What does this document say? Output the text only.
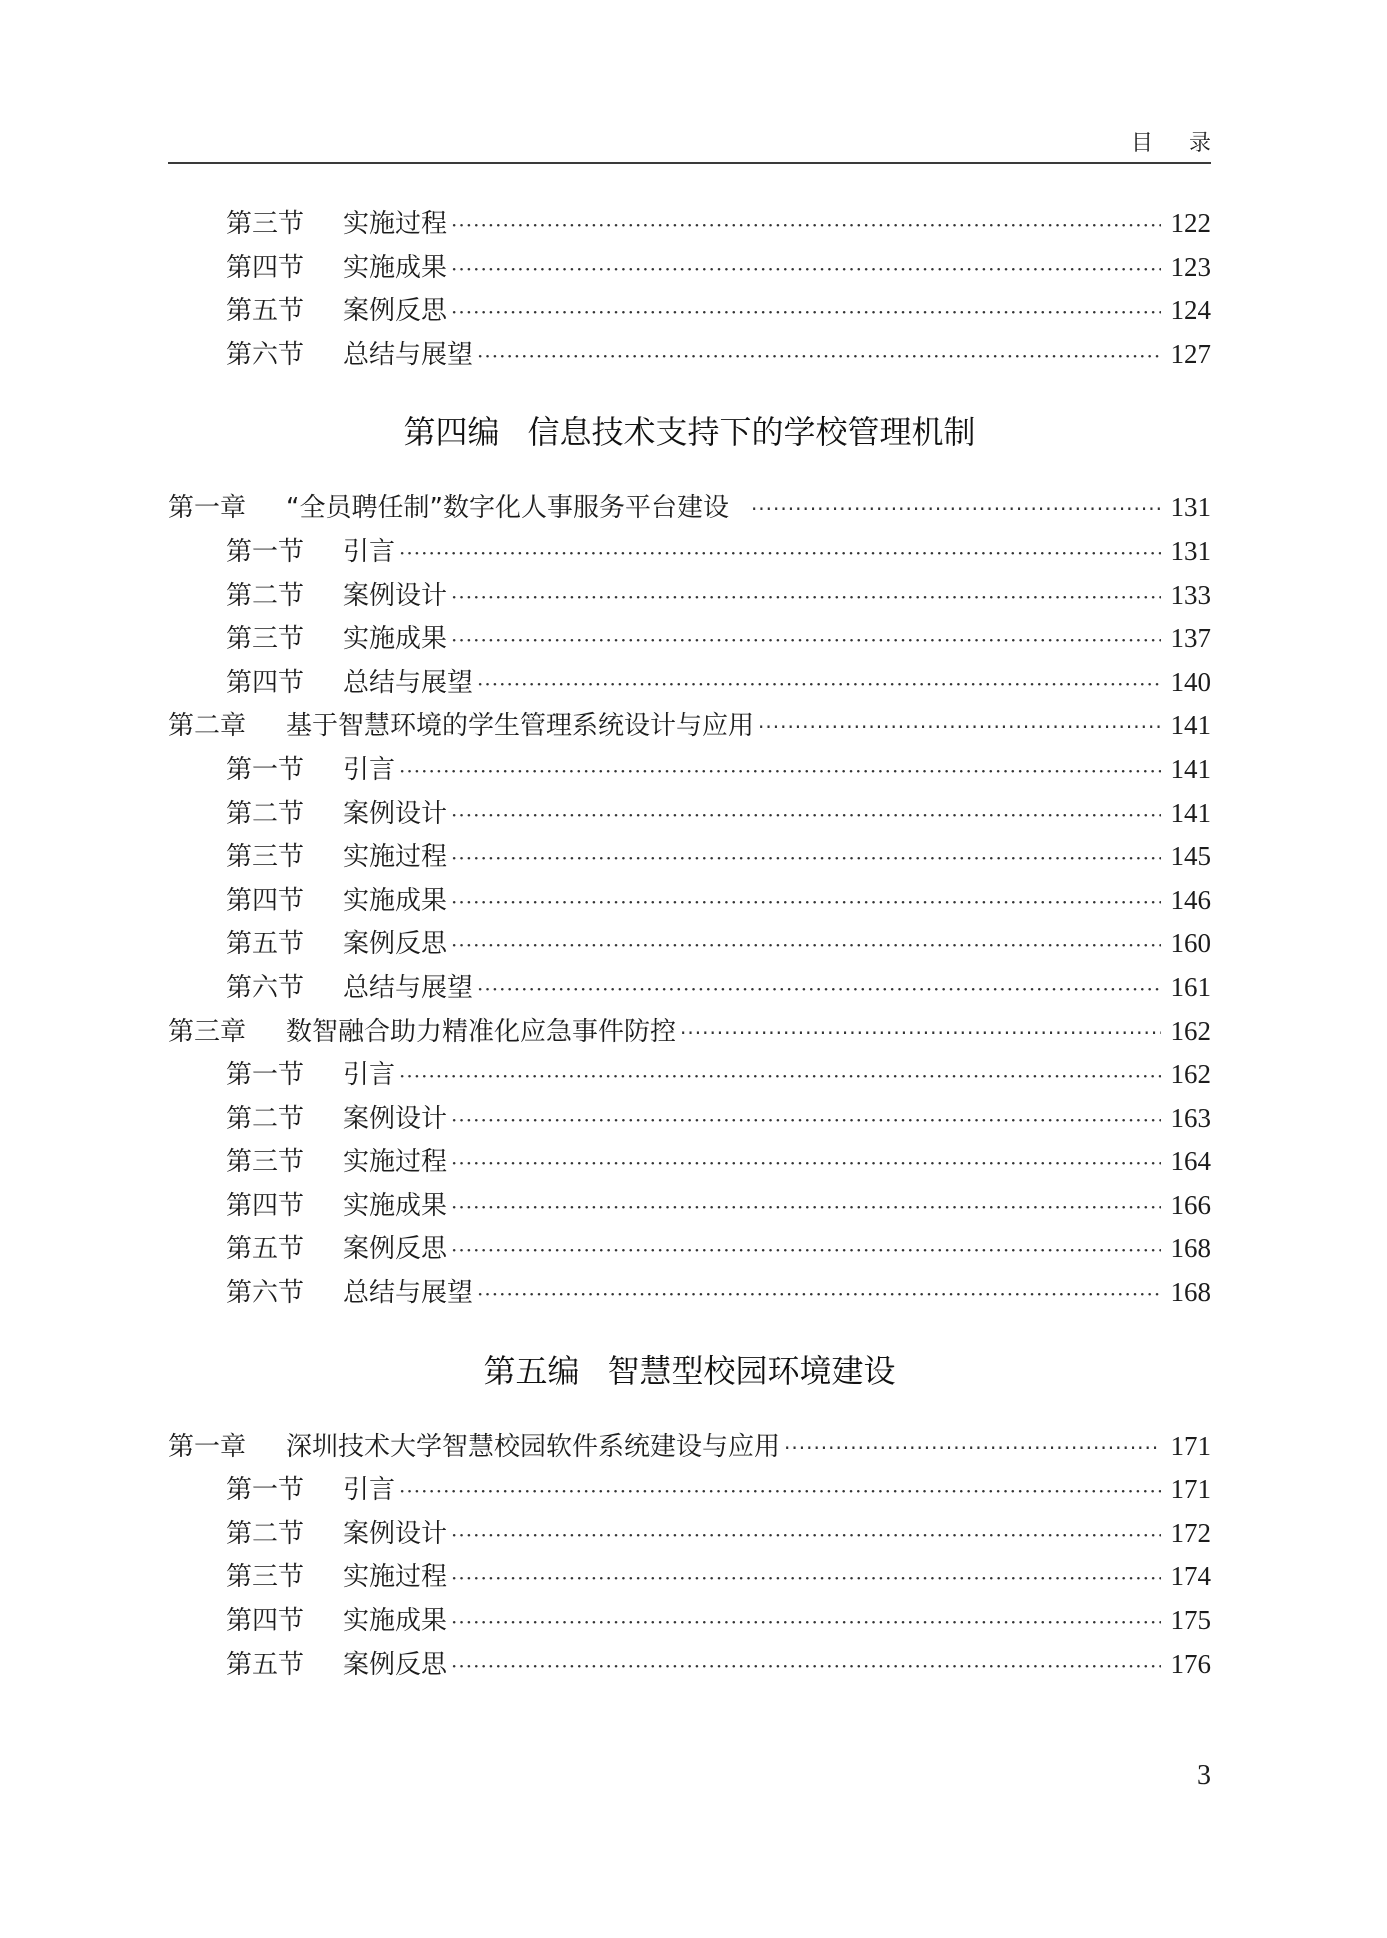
目录
第三节	实施过程 ·····	122
第四节	实施成果 ·····	123
第五节	案例反思 ·····	124
第六节	总结与展望 ·····	127
第四编 信息技术支持下的学校管理机制
第一章	“全员聘任制”数字化人事服务平台建设 ·····	131
第一节	引言 ·····	131
第二节	案例设计 ·····	133
第三节	实施成果 ·····	137
第四节	总结与展望 ·····	140
第二章	基于智慧环境的学生管理系统设计与应用 ·····	141
第一节	引言 ·····	141
第二节	案例设计 ·····	141
第三节	实施过程 ·····	145
第四节	实施成果 ·····	146
第五节	案例反思 ·····	160
第六节	总结与展望 ·····	161
第三章	数智融合助力精准化应急事件防控 ·····	162
第一节	引言 ·····	162
第二节	案例设计 ·····	163
第三节	实施过程 ·····	164
第四节	实施成果 ·····	166
第五节	案例反思 ·····	168
第六节	总结与展望 ·····	168
第五编 智慧型校园环境建设
第一章	深圳技术大学智慧校园软件系统建设与应用 ·····	171
第一节	引言 ·····	171
第二节	案例设计 ·····	172
第三节	实施过程 ·····	174
第四节	实施成果 ·····	175
第五节	案例反思 ·····	176
3
